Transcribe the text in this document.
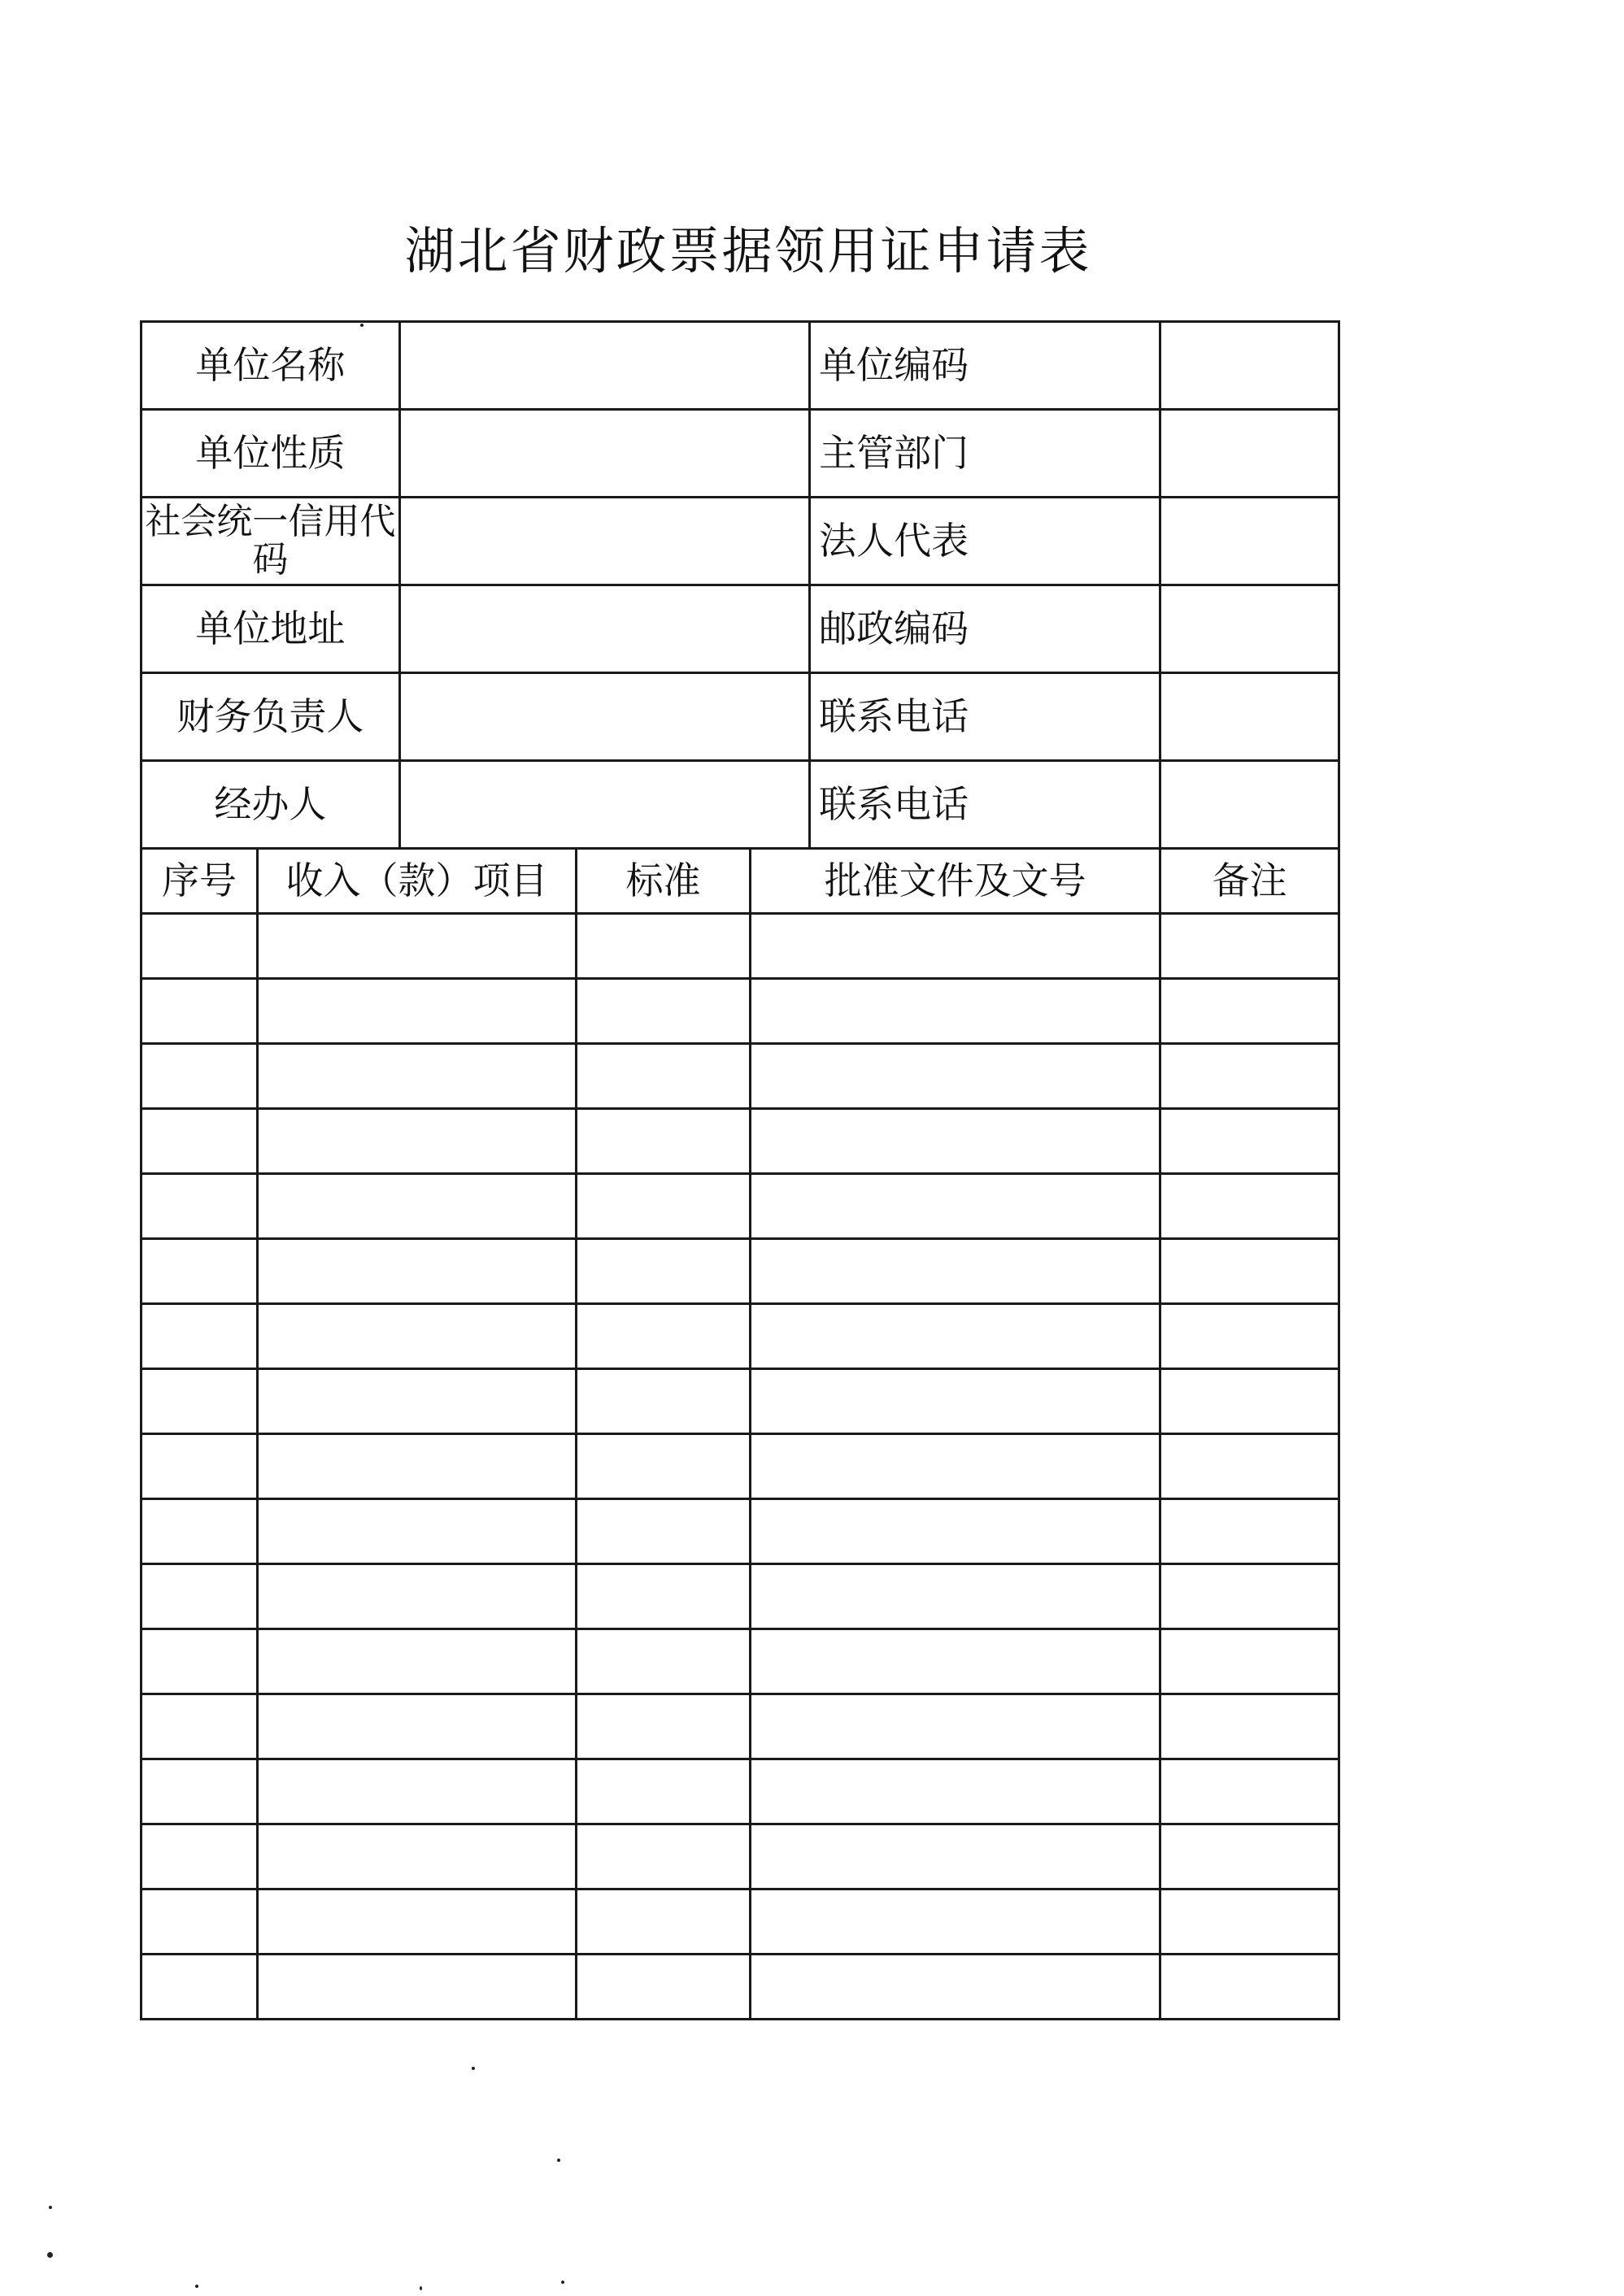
湖北省财政票据领用证申请表
单位名称					单位编码	
单位性质					主管部门	
社会统一信用代码					法人代表	
单位地址					邮政编码	
财务负责人					联系电话	
经办人					联系电话	
序号	收入（款）项目		标准	批准文件及文号		备注
